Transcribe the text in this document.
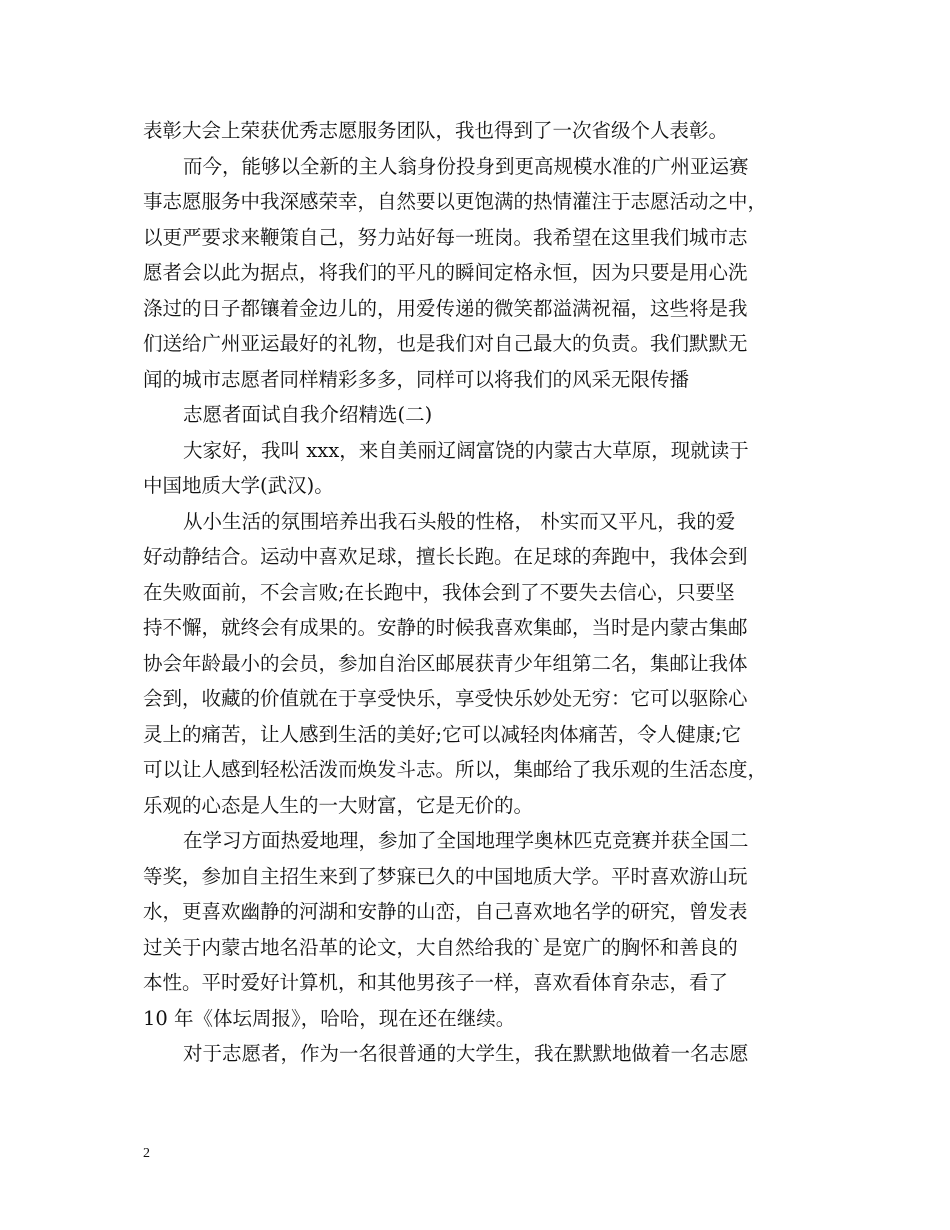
表彰大会上荣获优秀志愿服务团队，我也得到了一次省级个人表彰。
而今，能够以全新的主人翁身份投身到更高规模水准的广州亚运赛
事志愿服务中我深感荣幸，自然要以更饱满的热情灌注于志愿活动之中，
以更严要求来鞭策自己，努力站好每一班岗。我希望在这里我们城市志
愿者会以此为据点，将我们的平凡的瞬间定格永恒，因为只要是用心洗
涤过的日子都镶着金边儿的，用爱传递的微笑都溢满祝福，这些将是我
们送给广州亚运最好的礼物，也是我们对自己最大的负责。我们默默无
闻的城市志愿者同样精彩多多，同样可以将我们的风采无限传播
志愿者面试自我介绍精选(二)
大家好，我叫 xxx，来自美丽辽阔富饶的内蒙古大草原，现就读于
中国地质大学(武汉)。
从小生活的氛围培养出我石头般的性格， 朴实而又平凡，我的爱
好动静结合。运动中喜欢足球，擅长长跑。在足球的奔跑中，我体会到
在失败面前，不会言败;在长跑中，我体会到了不要失去信心，只要坚
持不懈，就终会有成果的。安静的时候我喜欢集邮，当时是内蒙古集邮
协会年龄最小的会员，参加自治区邮展获青少年组第二名，集邮让我体
会到，收藏的价值就在于享受快乐，享受快乐妙处无穷：它可以驱除心
灵上的痛苦，让人感到生活的美好;它可以减轻肉体痛苦，令人健康;它
可以让人感到轻松活泼而焕发斗志。所以，集邮给了我乐观的生活态度，
乐观的心态是人生的一大财富，它是无价的。
在学习方面热爱地理，参加了全国地理学奥林匹克竞赛并获全国二
等奖，参加自主招生来到了梦寐已久的中国地质大学。平时喜欢游山玩
水，更喜欢幽静的河湖和安静的山峦，自己喜欢地名学的研究，曾发表
过关于内蒙古地名沿革的论文，大自然给我的`是宽广的胸怀和善良的
本性。平时爱好计算机，和其他男孩子一样，喜欢看体育杂志，看了
10 年《体坛周报》，哈哈，现在还在继续。
对于志愿者，作为一名很普通的大学生，我在默默地做着一名志愿
2
